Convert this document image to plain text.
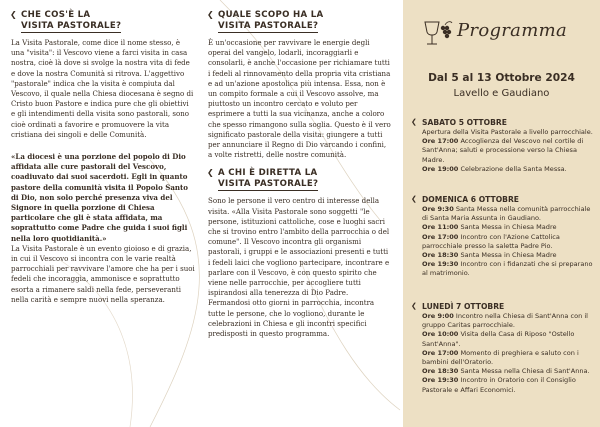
❮ CHE COS'È LA
VISITA PASTORALE?

La Visita Pastorale, come dice il nome stesso, è una "visita": il Vescovo viene a farci visita in casa nostra, cioè là dove si svolge la nostra vita di fede e dove la nostra Comunità si ritrova. L'aggettivo "pastorale" indica che la visita è compiuta dal Vescovo, il quale nella Chiesa diocesana è segno di Cristo buon Pastore e indica pure che gli obiettivi e gli intendimenti della visita sono pastorali, sono cioè ordinati a favorire e promuovere la vita cristiana dei singoli e delle Comunità.

«La diocesi è una porzione del popolo di Dio affidata alle cure pastorali del Vescovo, coadiuvato dai suoi sacerdoti. Egli in quanto pastore della comunità visita il Popolo Santo di Dio, non solo perché presenza viva del Signore in quella porzione di Chiesa particolare che gli è stata affidata, ma soprattutto come Padre che guida i suoi figli nella loro quotidianità.»

La Visita Pastorale è un evento gioioso e di grazia, in cui il Vescovo si incontra con le varie realtà parrocchiali per ravvivare l'amore che ha per i suoi fedeli che incoraggia, ammonisce e soprattutto esorta a rimanere saldi nella fede, perseveranti nella carità e sempre nuovi nella speranza.

❮ QUALE SCOPO HA LA
VISITA PASTORALE?

È un'occasione per ravvivare le energie degli operai del vangelo, lodarli, incoraggiarli e consolarli, è anche l'occasione per richiamare tutti i fedeli al rinnovamento della propria vita cristiana e ad un'azione apostolica più intensa. Essa, non è un compito formale a cui il Vescovo assolve, ma piuttosto un incontro cercato e voluto per esprimere a tutti la sua vicinanza, anche a coloro che spesso rimangono sulla soglia. Questo è il vero significato pastorale della visita: giungere a tutti per annunciare il Regno di Dio varcando i confini, a volte ristretti, delle nostre comunità.

❮ A CHI È DIRETTA LA
VISITA PASTORALE?

Sono le persone il vero centro di interesse della visita. «Alla Visita Pastorale sono soggetti "le persone, istituzioni cattoliche, cose e luoghi sacri che si trovino entro l'ambito della parrocchia o del comune". Il Vescovo incontra gli organismi pastorali, i gruppi e le associazioni presenti e tutti i fedeli laici che vogliono partecipare, incontrare e parlare con il Vescovo, è con questo spirito che viene nelle parrocchie, per accogliere tutti ispirandosi alla tenerezza di Dio Padre. Fermandosi otto giorni in parrocchia, incontra tutte le persone, che lo vogliono, durante le celebrazioni in Chiesa e gli incontri specifici predisposti in questo programma.

Programma
Dal 5 al 13 Ottobre 2024
Lavello e Gaudiano
❮ SABATO 5 OTTOBRE

Apertura della Visita Pastorale a livello parrocchiale.

Ore 17:00 Accoglienza del Vescovo nel cortile di Sant'Anna; saluti e processione verso la Chiesa Madre.

Ore 19:00 Celebrazione della Santa Messa.

❮ DOMENICA 6 OTTOBRE

Ore 9:30 Santa Messa nella comunità parrocchiale di Santa Maria Assunta in Gaudiano.

Ore 11:00 Santa Messa in Chiesa Madre

Ore 17:00 Incontro con l'Azione Cattolica parrocchiale presso la saletta Padre Pio.

Ore 18:30 Santa Messa in Chiesa Madre

Ore 19:30 Incontro con i fidanzati che si preparano al matrimonio.

❮ LUNEDÌ 7 OTTOBRE

Ore 9:00 Incontro nella Chiesa di Sant'Anna con il gruppo Caritas parrocchiale.

Ore 10:00 Visita della Casa di Riposo "Ostello Sant'Anna".

Ore 17:00 Momento di preghiera e saluto con i bambini dell'Oratorio.

Ore 18:30 Santa Messa nella Chiesa di Sant'Anna.

Ore 19:30 Incontro in Oratorio con il Consiglio Pastorale e Affari Economici.
